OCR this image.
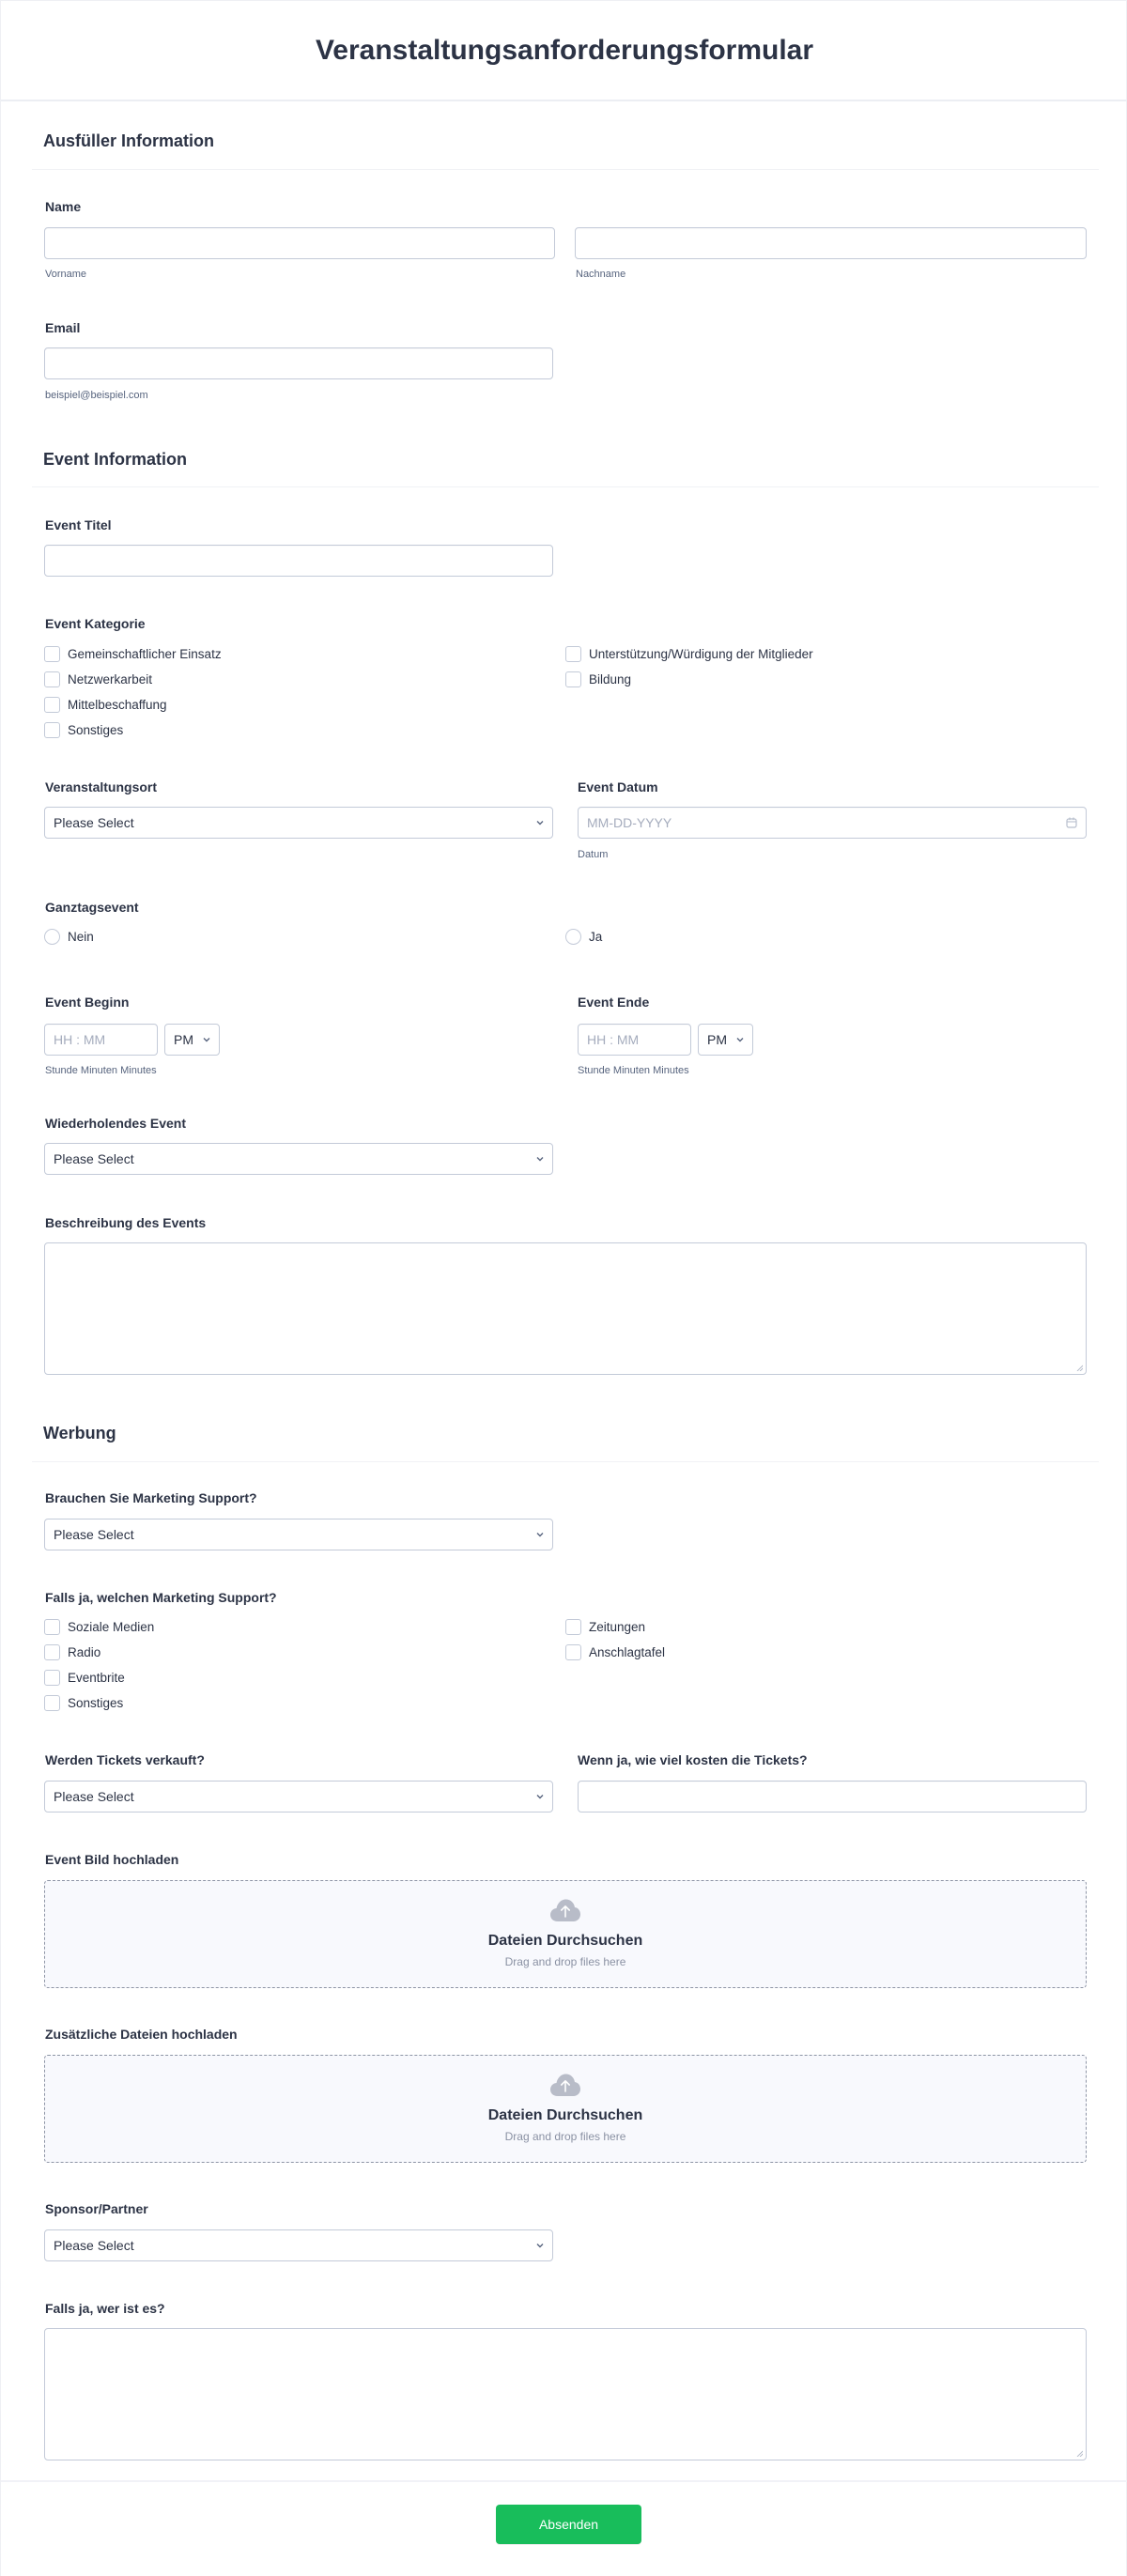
Veranstaltungsanforderungsformular
Ausfüller Information
Name
Vorname	Nachname
Email
beispiel@beispiel.com
Event Information
Event Titel
Event Kategorie
Gemeinschaftlicher Einsatz
Netzwerkarbeit
Mittelbeschaffung
Sonstiges
Unterstützung/Würdigung der Mitglieder
Bildung
Veranstaltungsort
Please Select
Event Datum
MM-DD-YYYY
Datum
Ganztagsevent
Nein	Ja
Event Beginn
HH : MM	PM
Stunde Minuten Minutes
Event Ende
HH : MM	PM
Stunde Minuten Minutes
Wiederholendes Event
Please Select
Beschreibung des Events
Werbung
Brauchen Sie Marketing Support?
Please Select
Falls ja, welchen Marketing Support?
Soziale Medien
Radio
Eventbrite
Sonstiges
Zeitungen
Anschlagtafel
Werden Tickets verkauft?
Please Select
Wenn ja, wie viel kosten die Tickets?
Event Bild hochladen
Dateien Durchsuchen
Drag and drop files here
Zusätzliche Dateien hochladen
Dateien Durchsuchen
Drag and drop files here
Sponsor/Partner
Please Select
Falls ja, wer ist es?
Absenden
